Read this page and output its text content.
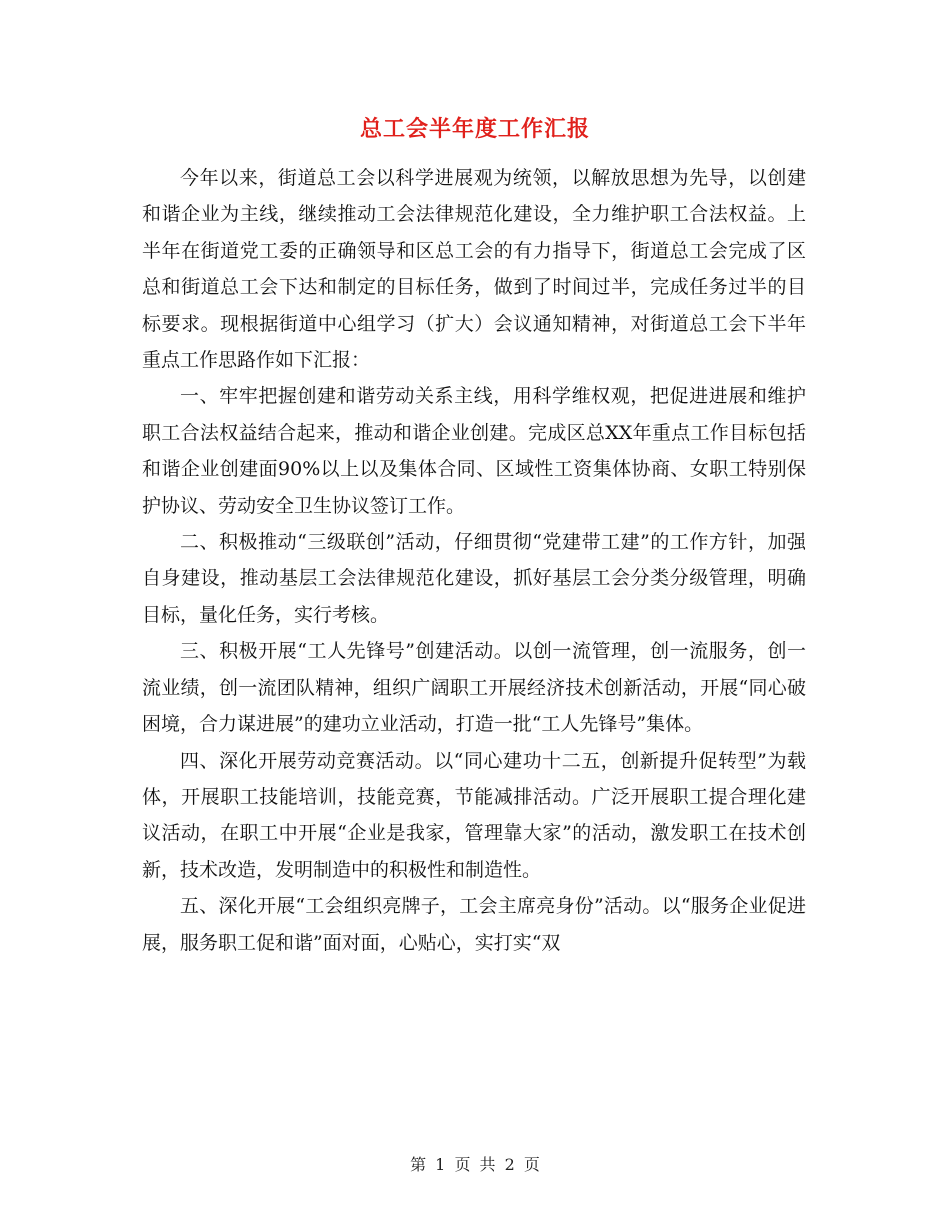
总工会半年度工作汇报

今年以来，街道总工会以科学进展观为统领，以解放思想为先导，以创建和谐企业为主线，继续推动工会法律规范化建设，全力维护职工合法权益。上半年在街道党工委的正确领导和区总工会的有力指导下，街道总工会完成了区总和街道总工会下达和制定的目标任务，做到了时间过半，完成任务过半的目标要求。现根据街道中心组学习（扩大）会议通知精神，对街道总工会下半年重点工作思路作如下汇报：

一、牢牢把握创建和谐劳动关系主线，用科学维权观，把促进进展和维护职工合法权益结合起来，推动和谐企业创建。完成区总XX年重点工作目标包括和谐企业创建面90%以上以及集体合同、区域性工资集体协商、女职工特别保护协议、劳动安全卫生协议签订工作。

二、积极推动“三级联创”活动，仔细贯彻“党建带工建”的工作方针，加强自身建设，推动基层工会法律规范化建设，抓好基层工会分类分级管理，明确目标，量化任务，实行考核。

三、积极开展“工人先锋号”创建活动。以创一流管理，创一流服务，创一流业绩，创一流团队精神，组织广阔职工开展经济技术创新活动，开展“同心破困境，合力谋进展”的建功立业活动，打造一批“工人先锋号”集体。

四、深化开展劳动竞赛活动。以“同心建功十二五，创新提升促转型”为载体，开展职工技能培训，技能竞赛，节能减排活动。广泛开展职工提合理化建议活动，在职工中开展“企业是我家，管理靠大家”的活动，激发职工在技术创新，技术改造，发明制造中的积极性和制造性。

五、深化开展“工会组织亮牌子，工会主席亮身份”活动。以“服务企业促进展，服务职工促和谐”面对面，心贴心，实打实“双

第 1 页 共 2 页
